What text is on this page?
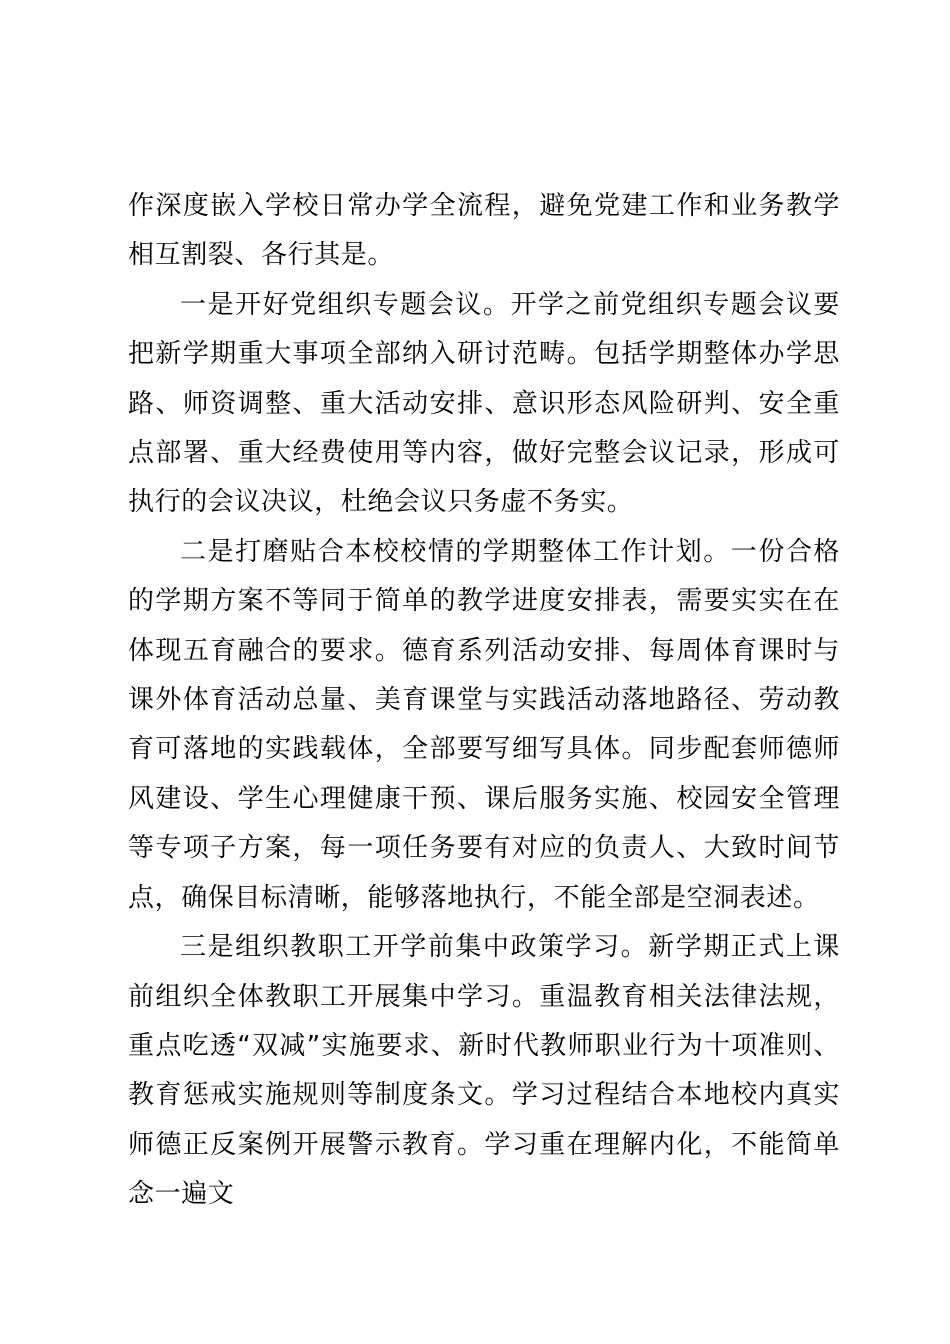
作深度嵌入学校日常办学全流程，避免党建工作和业务教学相互割裂、各行其是。

一是开好党组织专题会议。开学之前党组织专题会议要把新学期重大事项全部纳入研讨范畴。包括学期整体办学思路、师资调整、重大活动安排、意识形态风险研判、安全重点部署、重大经费使用等内容，做好完整会议记录，形成可执行的会议决议，杜绝会议只务虚不务实。

二是打磨贴合本校校情的学期整体工作计划。一份合格的学期方案不等同于简单的教学进度安排表，需要实实在在体现五育融合的要求。德育系列活动安排、每周体育课时与课外体育活动总量、美育课堂与实践活动落地路径、劳动教育可落地的实践载体，全部要写细写具体。同步配套师德师风建设、学生心理健康干预、课后服务实施、校园安全管理等专项子方案，每一项任务要有对应的负责人、大致时间节点，确保目标清晰，能够落地执行，不能全部是空洞表述。

三是组织教职工开学前集中政策学习。新学期正式上课前组织全体教职工开展集中学习。重温教育相关法律法规，重点吃透“双减”实施要求、新时代教师职业行为十项准则、教育惩戒实施规则等制度条文。学习过程结合本地校内真实师德正反案例开展警示教育。学习重在理解内化，不能简单念一遍文
